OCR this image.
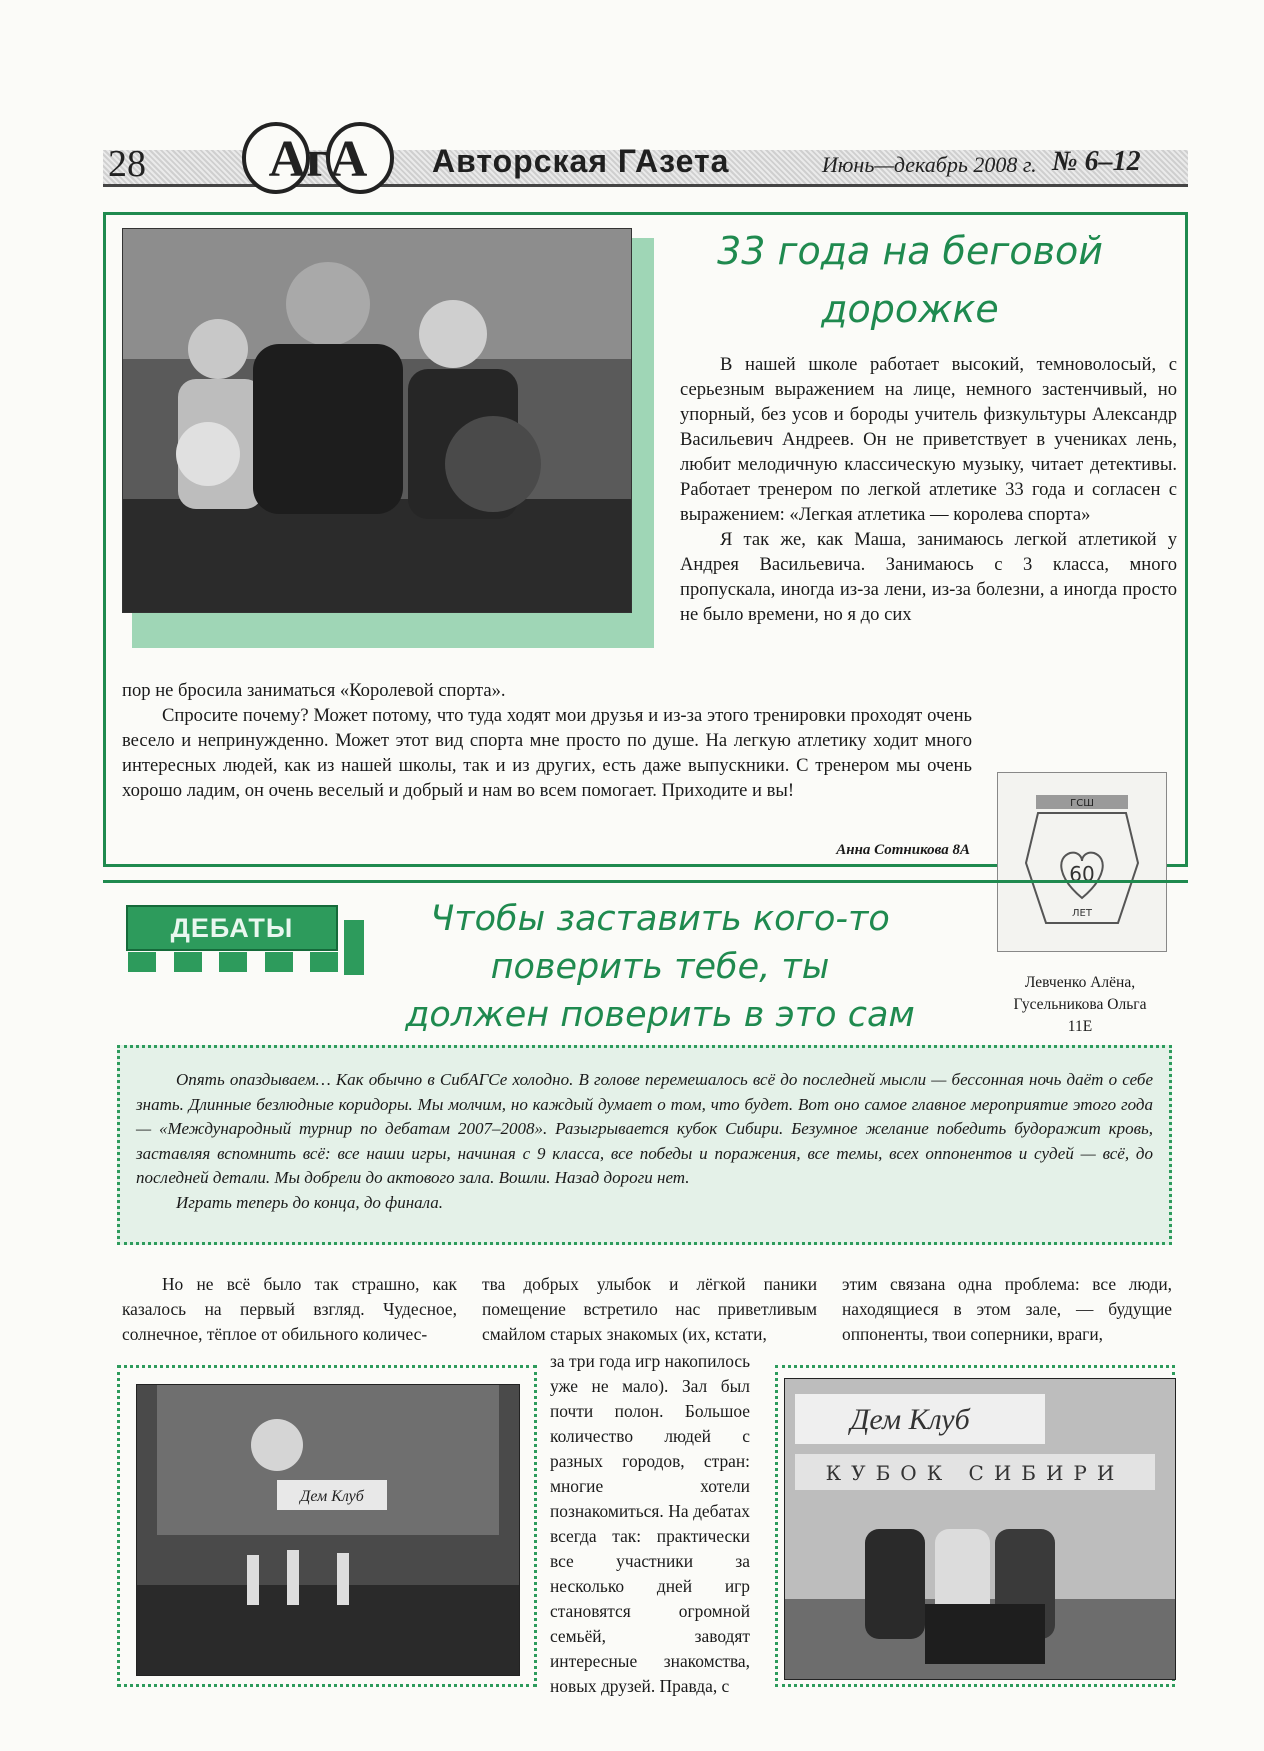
28 АгА Авторская ГАзета	Июнь—декабрь 2008 г. № 6–12
33 года на беговой
дорожке

В нашей школе работает высокий, темноволосый, с серьезным выражением на лице, немного застенчивый, но упорный, без усов и бороды учитель физкультуры Александр Васильевич Андреев. Он не приветствует в учениках лень, любит мелодичную классическую музыку, читает детективы. Работает тренером по легкой атлетике 33 года и согласен с выражением: «Легкая атлетика — королева спорта»

Я так же, как Маша, занимаюсь легкой атлетикой у Андрея Васильевича. Занимаюсь с 3 класса, много пропускала, иногда из-за лени, из-за болезни, а иногда просто не было времени, но я до сих

пор не бросила заниматься «Королевой спорта».

Спросите почему? Может потому, что туда ходят мои друзья и из-за этого тренировки проходят очень весело и непринужденно. Может этот вид спорта мне просто по душе. На легкую атлетику ходит много интересных людей, как из нашей школы, так и из других, есть даже выпускники. С тренером мы очень хорошо ладим, он очень веселый и добрый и нам во всем помогает. Приходите и вы!

Анна Сотникова 8А
ГСШ
60
ЛЕТ
ДЕБАТЫ	Чтобы заставить кого-то
поверить тебе, ты
должен поверить в это сам
Левченко Алёна,
Гусельникова Ольга
11Е

Опять опаздываем… Как обычно в СибАГСе холодно. В голове перемешалось всё до последней мысли — бессонная ночь даёт о себе знать. Длинные безлюдные коридоры. Мы молчим, но каждый думает о том, что будет. Вот оно самое главное мероприятие этого года — «Международный турнир по дебатам 2007–2008». Разыгрывается кубок Сибири. Безумное желание победить будоражит кровь, заставляя вспомнить всё: все наши игры, начиная с 9 класса, все победы и поражения, все темы, всех оппонентов и судей — всё, до последней детали. Мы добрели до актового зала. Вошли. Назад дороги нет.

Играть теперь до конца, до финала.

Но не всё было так страшно, как казалось на первый взгляд. Чудесное, солнечное, тёплое от обильного количес-

тва добрых улыбок и лёгкой паники помещение встретило нас приветливым смайлом старых знакомых (их, кстати,

этим связана одна проблема: все люди, находящиеся в этом зале, — будущие оппоненты, твои соперники, враги,

Дем Клуб

за три года игр накопилось уже не мало). Зал был почти полон. Большое количество людей с разных городов, стран: многие хотели познакомиться. На дебатах всегда так: практически все участники за несколько дней игр становятся огромной семьёй, заводят интересные знакомства, новых друзей. Правда, с

Дем Клуб
КУБОК СИБИРИ
